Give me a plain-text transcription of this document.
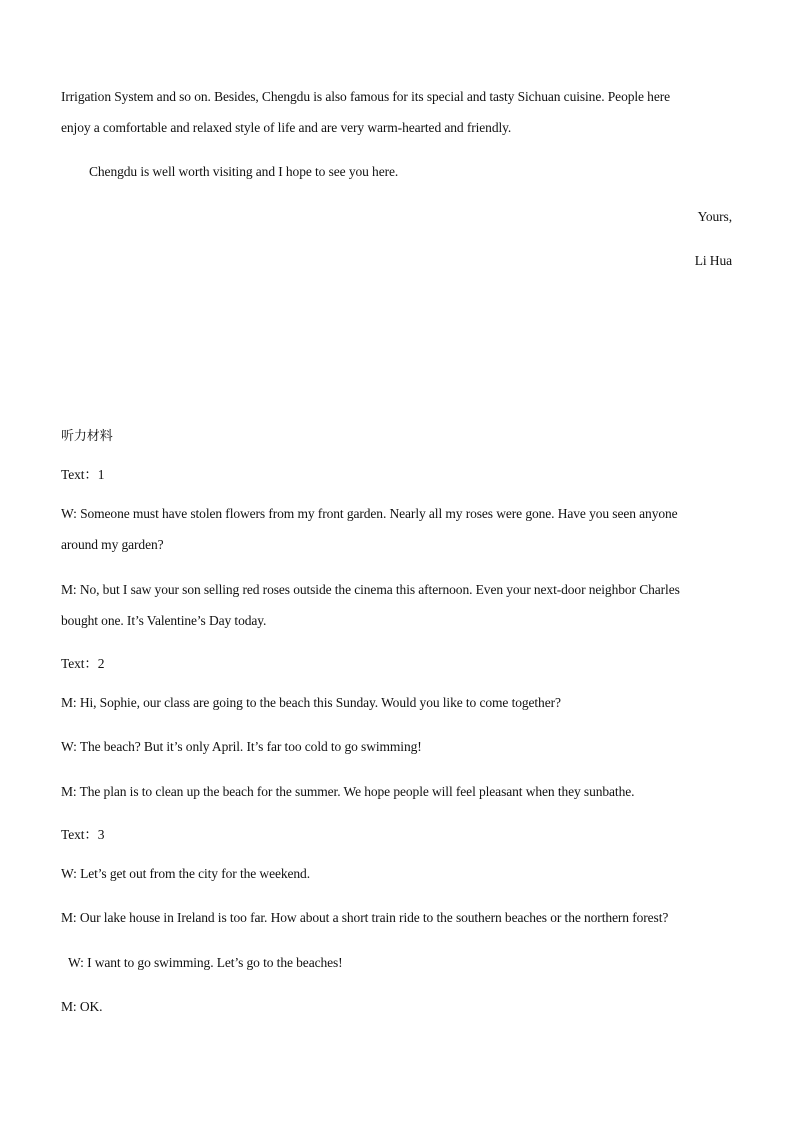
Irrigation System and so on. Besides, Chengdu is also famous for its special and tasty Sichuan cuisine. People here
enjoy a comfortable and relaxed style of life and are very warm-hearted and friendly.
Chengdu is well worth visiting and I hope to see you here.
Yours,
Li Hua
听力材料
Text：1
W: Someone must have stolen flowers from my front garden. Nearly all my roses were gone. Have you seen anyone
around my garden?
M: No, but I saw your son selling red roses outside the cinema this afternoon. Even your next-door neighbor Charles
bought one. It’s Valentine’s Day today.
Text：2
M: Hi, Sophie, our class are going to the beach this Sunday. Would you like to come together?
W: The beach? But it’s only April. It’s far too cold to go swimming!
M: The plan is to clean up the beach for the summer. We hope people will feel pleasant when they sunbathe.
Text：3
W: Let’s get out from the city for the weekend.
M: Our lake house in Ireland is too far. How about a short train ride to the southern beaches or the northern forest?
W: I want to go swimming. Let’s go to the beaches!
M: OK.
